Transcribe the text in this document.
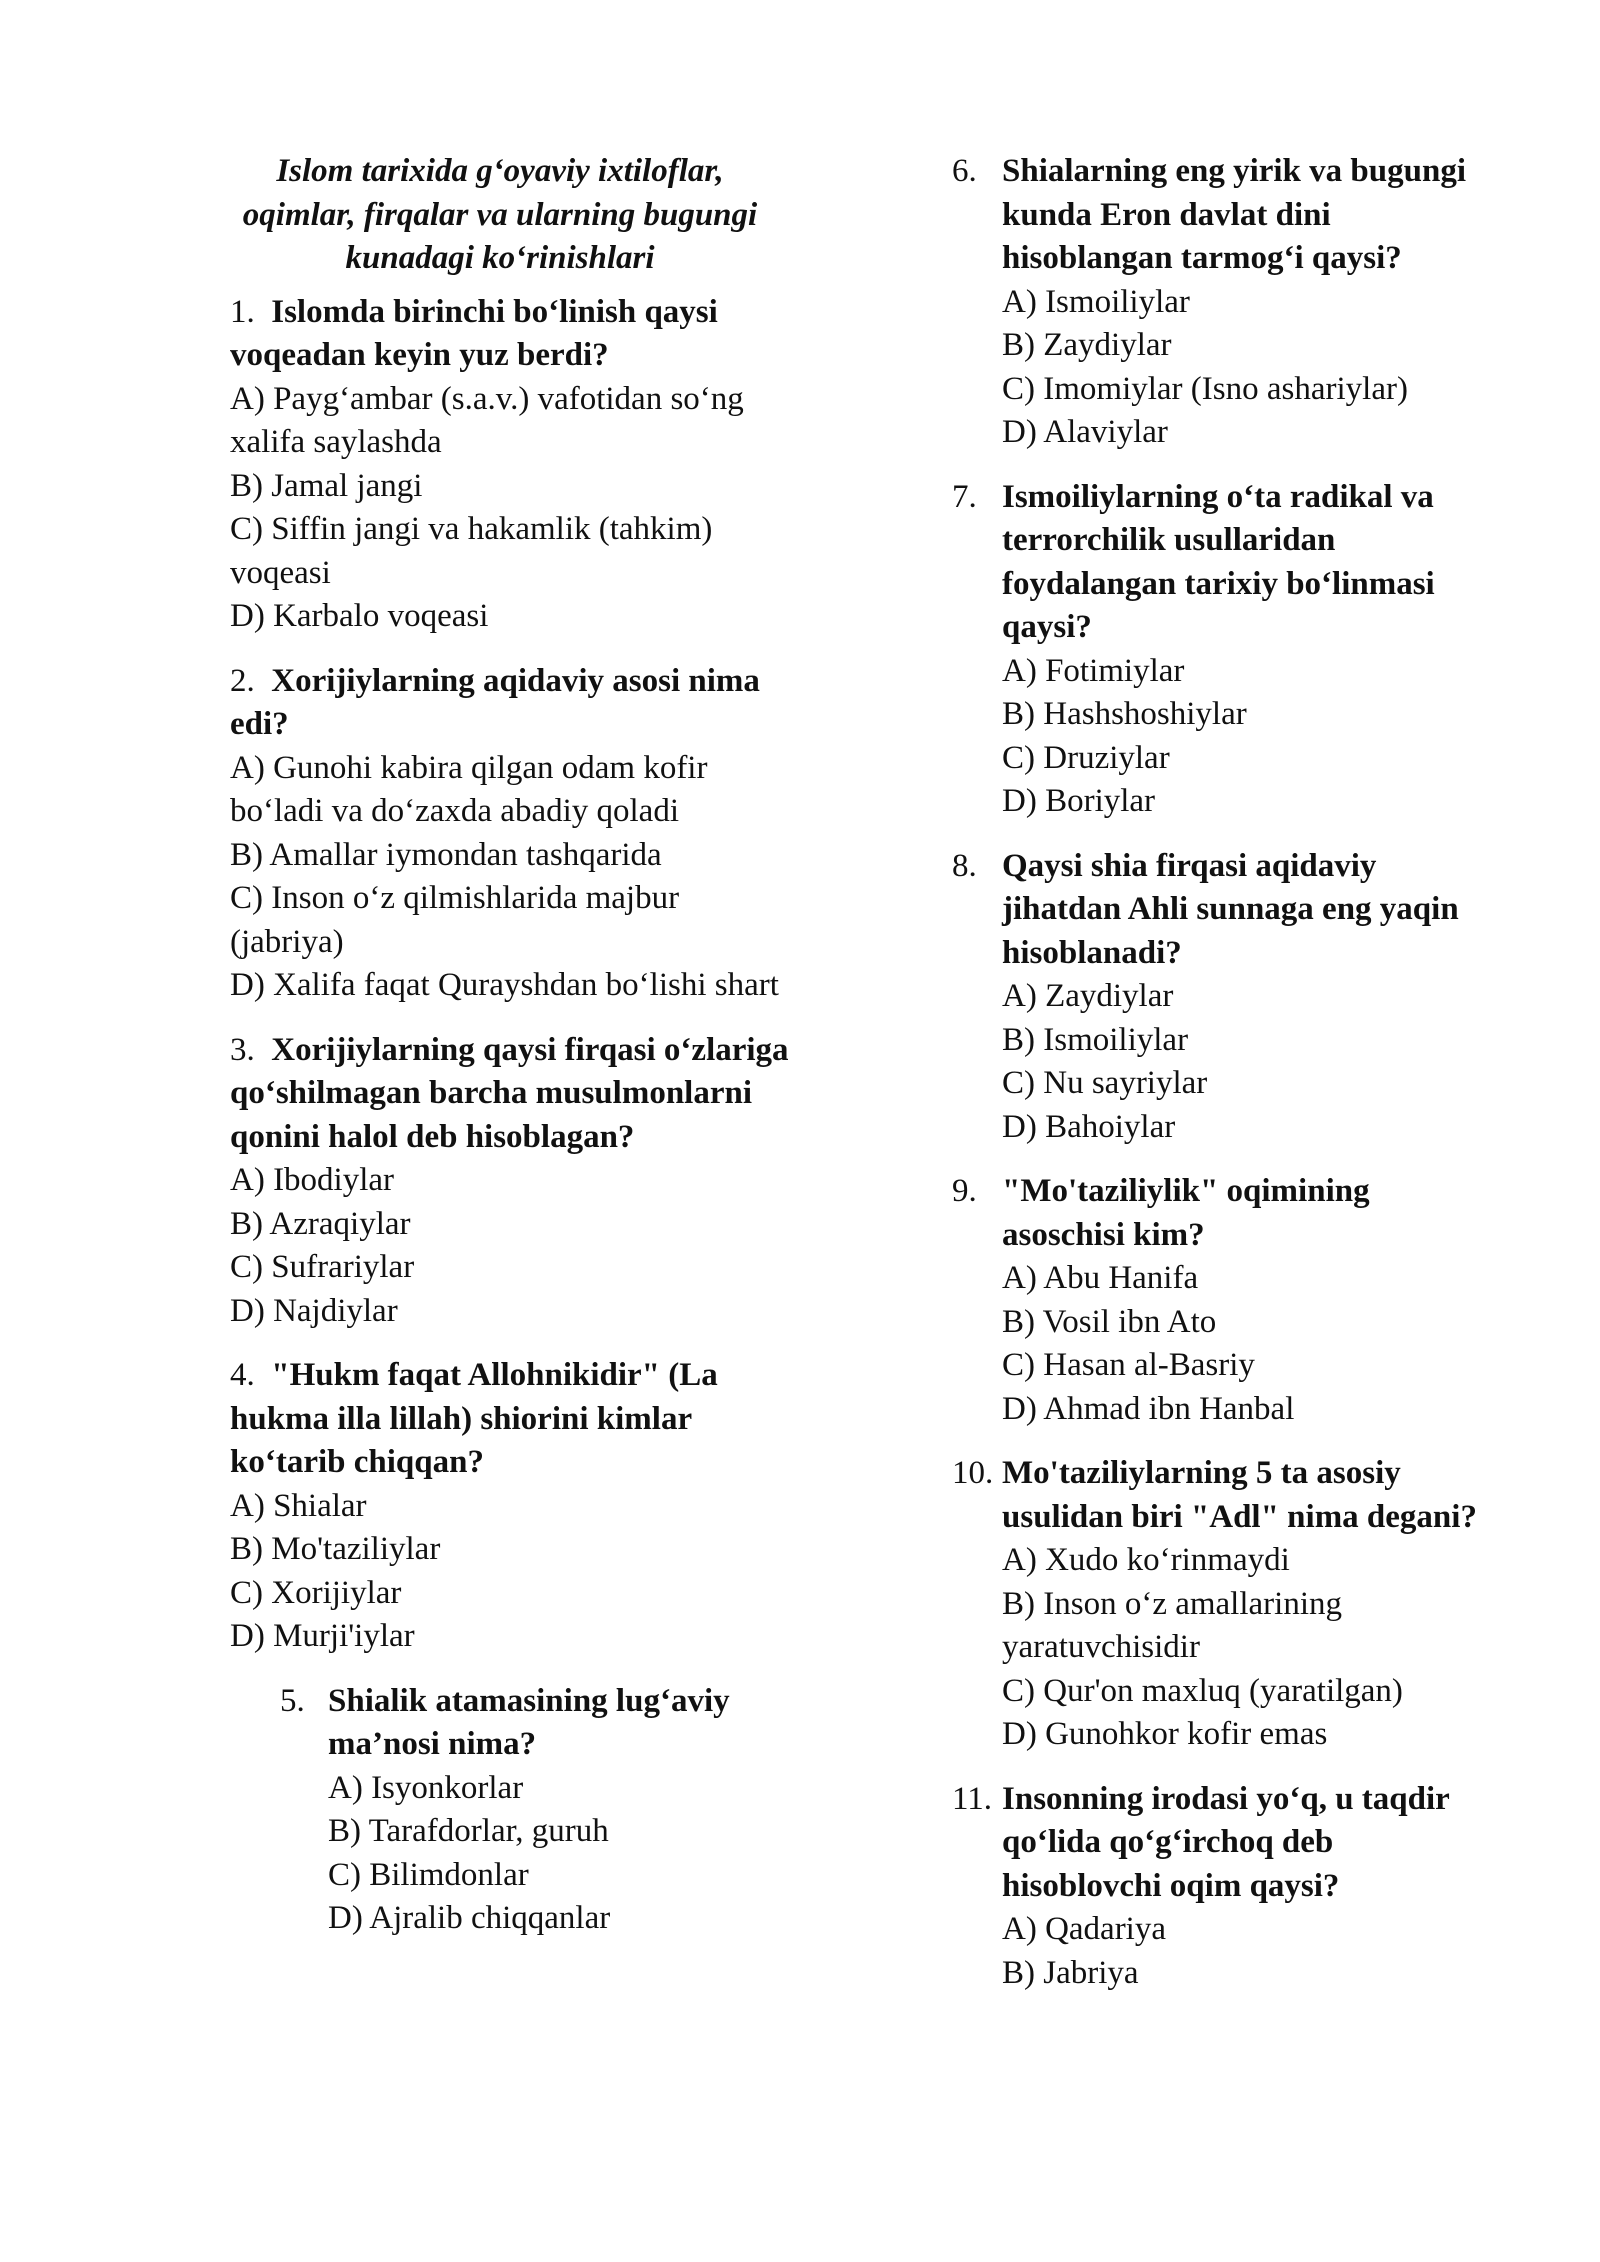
Islom tarixida g‘oyaviy ixtiloflar, oqimlar, firqalar va ularning bugungi kunadagi ko‘rinishlari
1. Islomda birinchi bo‘linish qaysi voqeadan keyin yuz berdi?
A) Payg‘ambar (s.a.v.) vafotidan so‘ng xalifa saylashda
B) Jamal jangi
C) Siffin jangi va hakamlik (tahkim) voqeasi
D) Karbalo voqeasi
2. Xorijiylarning aqidaviy asosi nima edi?
A) Gunohi kabira qilgan odam kofir bo‘ladi va do‘zaxda abadiy qoladi
B) Amallar iymondan tashqarida
C) Inson o‘z qilmishlarida majbur (jabriya)
D) Xalifa faqat Qurayshdan bo‘lishi shart
3. Xorijiylarning qaysi firqasi o‘zlariga qo‘shilmagan barcha musulmonlarni qonini halol deb hisoblagan?
A) Ibodiylar
B) Azraqiylar
C) Sufrariylar
D) Najdiylar
4. "Hukm faqat Allohnikidir" (La hukma illa lillah) shiorini kimlar ko‘tarib chiqqan?
A) Shialar
B) Mo'taziliylar
C) Xorijiylar
D) Murji'iylar
5. Shialik atamasining lug‘aviy ma’nosi nima?
A) Isyonkorlar
B) Tarafdorlar, guruh
C) Bilimdonlar
D) Ajralib chiqqanlar
6. Shialarning eng yirik va bugungi kunda Eron davlat dini hisoblangan tarmog‘i qaysi?
A) Ismoiliylar
B) Zaydiylar
C) Imomiylar (Isno ashariylar)
D) Alaviylar
7. Ismoiliylarning o‘ta radikal va terrorchilik usullaridan foydalangan tarixiy bo‘linmasi qaysi?
A) Fotimiylar
B) Hashshoshiylar
C) Druziylar
D) Boriylar
8. Qaysi shia firqasi aqidaviy jihatdan Ahli sunnaga eng yaqin hisoblanadi?
A) Zaydiylar
B) Ismoiliylar
C) Nu sayriylar
D) Bahoiylar
9. "Mo'taziliylik" oqimining asoschisi kim?
A) Abu Hanifa
B) Vosil ibn Ato
C) Hasan al-Basriy
D) Ahmad ibn Hanbal
10. Mo'taziliylarning 5 ta asosiy usulidan biri "Adl" nima degani?
A) Xudo ko‘rinmaydi
B) Inson o‘z amallarining yaratuvchisidir
C) Qur'on maxluq (yaratilgan)
D) Gunohkor kofir emas
11. Insonning irodasi yo‘q, u taqdir qo‘lida qo‘g‘irchoq deb hisoblovchi oqim qaysi?
A) Qadariya
B) Jabriya
